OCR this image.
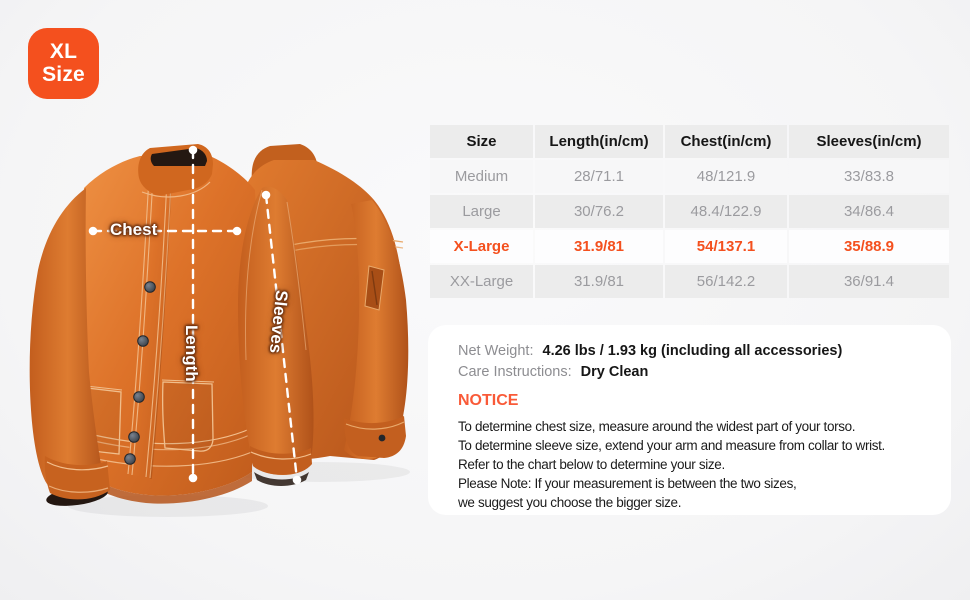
XL
Size
Chest
Length	Sleeves
Size	Length(in/cm)	Chest(in/cm)	Sleeves(in/cm)
Medium	28/71.1	48/121.9	33/83.8
Large	30/76.2	48.4/122.9	34/86.4
X-Large	31.9/81	54/137.1	35/88.9
XX-Large	31.9/81	56/142.2	36/91.4
Net Weight: 4.26 lbs / 1.93 kg (including all accessories)
Care Instructions: Dry Clean
NOTICE
To determine chest size, measure around the widest part of your torso.
To determine sleeve size, extend your arm and measure from collar to wrist.
Refer to the chart below to determine your size.
Please Note: If your measurement is between the two sizes,
we suggest you choose the bigger size.
